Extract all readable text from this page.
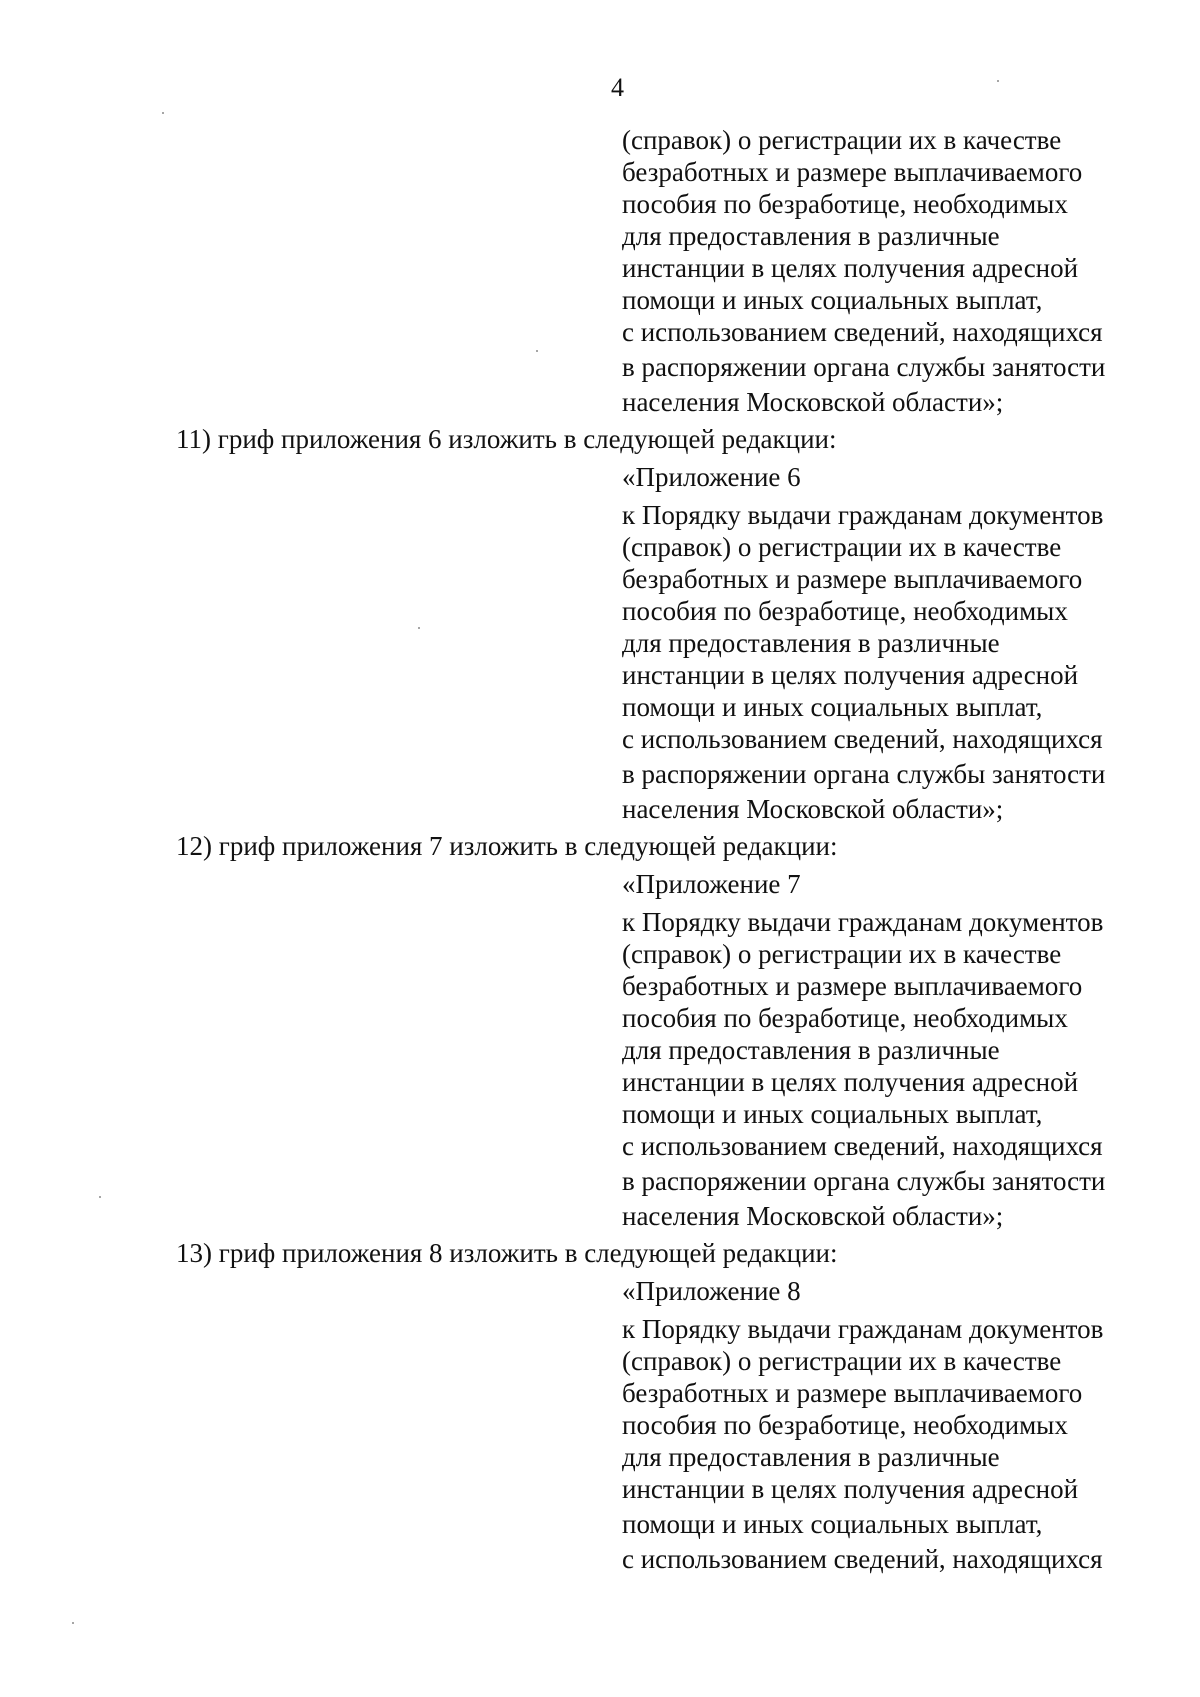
4
(справок) о регистрации их в качестве
безработных и размере выплачиваемого
пособия по безработице, необходимых
для предоставления в различные
инстанции в целях получения адресной
помощи и иных социальных выплат,
с использованием сведений, находящихся
в распоряжении органа службы занятости
населения Московской области»;
11) гриф приложения 6 изложить в следующей редакции:
«Приложение 6
к Порядку выдачи гражданам документов
(справок) о регистрации их в качестве
безработных и размере выплачиваемого
пособия по безработице, необходимых
для предоставления в различные
инстанции в целях получения адресной
помощи и иных социальных выплат,
с использованием сведений, находящихся
в распоряжении органа службы занятости
населения Московской области»;
12) гриф приложения 7 изложить в следующей редакции:
«Приложение 7
к Порядку выдачи гражданам документов
(справок) о регистрации их в качестве
безработных и размере выплачиваемого
пособия по безработице, необходимых
для предоставления в различные
инстанции в целях получения адресной
помощи и иных социальных выплат,
с использованием сведений, находящихся
в распоряжении органа службы занятости
населения Московской области»;
13) гриф приложения 8 изложить в следующей редакции:
«Приложение 8
к Порядку выдачи гражданам документов
(справок) о регистрации их в качестве
безработных и размере выплачиваемого
пособия по безработице, необходимых
для предоставления в различные
инстанции в целях получения адресной
помощи и иных социальных выплат,
с использованием сведений, находящихся
